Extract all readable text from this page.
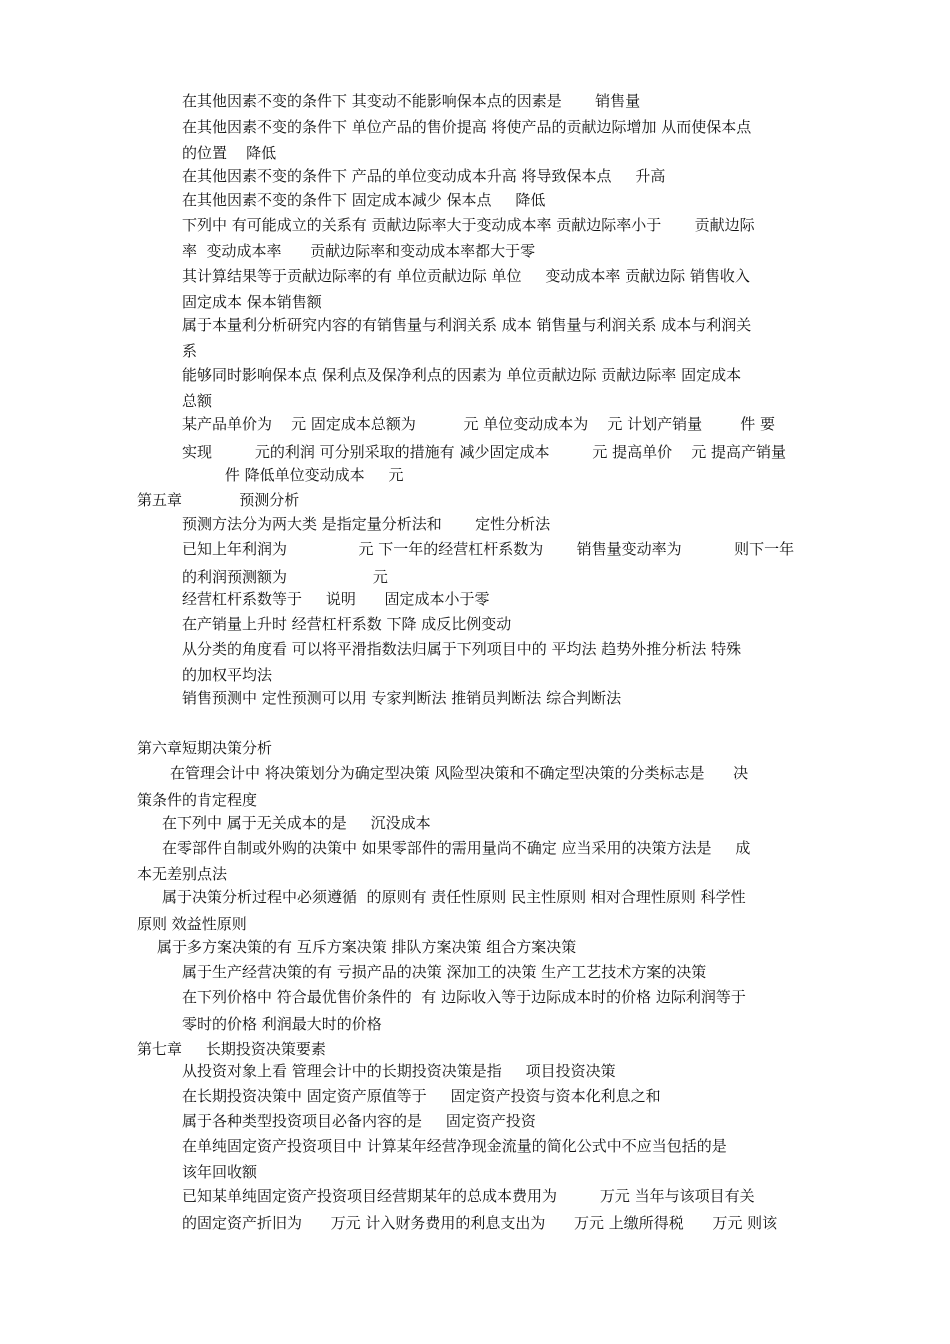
在其他因素不变的条件下 其变动不能影响保本点的因素是       销售量
在其他因素不变的条件下 单位产品的售价提高 将使产品的贡献边际增加 从而使保本点
的位置    降低
在其他因素不变的条件下 产品的单位变动成本升高 将导致保本点     升高
在其他因素不变的条件下 固定成本减少 保本点     降低
下列中 有可能成立的关系有 贡献边际率大于变动成本率 贡献边际率小于       贡献边际
率  变动成本率      贡献边际率和变动成本率都大于零
其计算结果等于贡献边际率的有 单位贡献边际 单位     变动成本率 贡献边际 销售收入
固定成本 保本销售额
属于本量利分析研究内容的有销售量与利润关系 成本 销售量与利润关系 成本与利润关
系
能够同时影响保本点 保利点及保净利点的因素为 单位贡献边际 贡献边际率 固定成本
总额
某产品单价为    元 固定成本总额为          元 单位变动成本为    元 计划产销量        件 要
实现         元的利润 可分别采取的措施有 减少固定成本         元 提高单价    元 提高产销量
件 降低单位变动成本     元
第五章            预测分析
预测方法分为两大类 是指定量分析法和       定性分析法
已知上年利润为               元 下一年的经营杠杆系数为       销售量变动率为           则下一年
的利润预测额为                  元
经营杠杆系数等于     说明      固定成本小于零
在产销量上升时 经营杠杆系数 下降 成反比例变动
从分类的角度看 可以将平滑指数法归属于下列项目中的 平均法 趋势外推分析法 特殊
的加权平均法
销售预测中 定性预测可以用 专家判断法 推销员判断法 综合判断法
第六章短期决策分析
在管理会计中 将决策划分为确定型决策 风险型决策和不确定型决策的分类标志是      决
策条件的肯定程度
在下列中 属于无关成本的是     沉没成本
在零部件自制或外购的决策中 如果零部件的需用量尚不确定 应当采用的决策方法是     成
本无差别点法
属于决策分析过程中必须遵循  的原则有 责任性原则 民主性原则 相对合理性原则 科学性
原则 效益性原则
属于多方案决策的有 互斥方案决策 排队方案决策 组合方案决策
属于生产经营决策的有 亏损产品的决策 深加工的决策 生产工艺技术方案的决策
在下列价格中 符合最优售价条件的  有 边际收入等于边际成本时的价格 边际利润等于
零时的价格 利润最大时的价格
第七章     长期投资决策要素
从投资对象上看 管理会计中的长期投资决策是指     项目投资决策
在长期投资决策中 固定资产原值等于     固定资产投资与资本化利息之和
属于各种类型投资项目必备内容的是     固定资产投资
在单纯固定资产投资项目中 计算某年经营净现金流量的简化公式中不应当包括的是
该年回收额
已知某单纯固定资产投资项目经营期某年的总成本费用为         万元 当年与该项目有关
的固定资产折旧为      万元 计入财务费用的利息支出为      万元 上缴所得税      万元 则该
